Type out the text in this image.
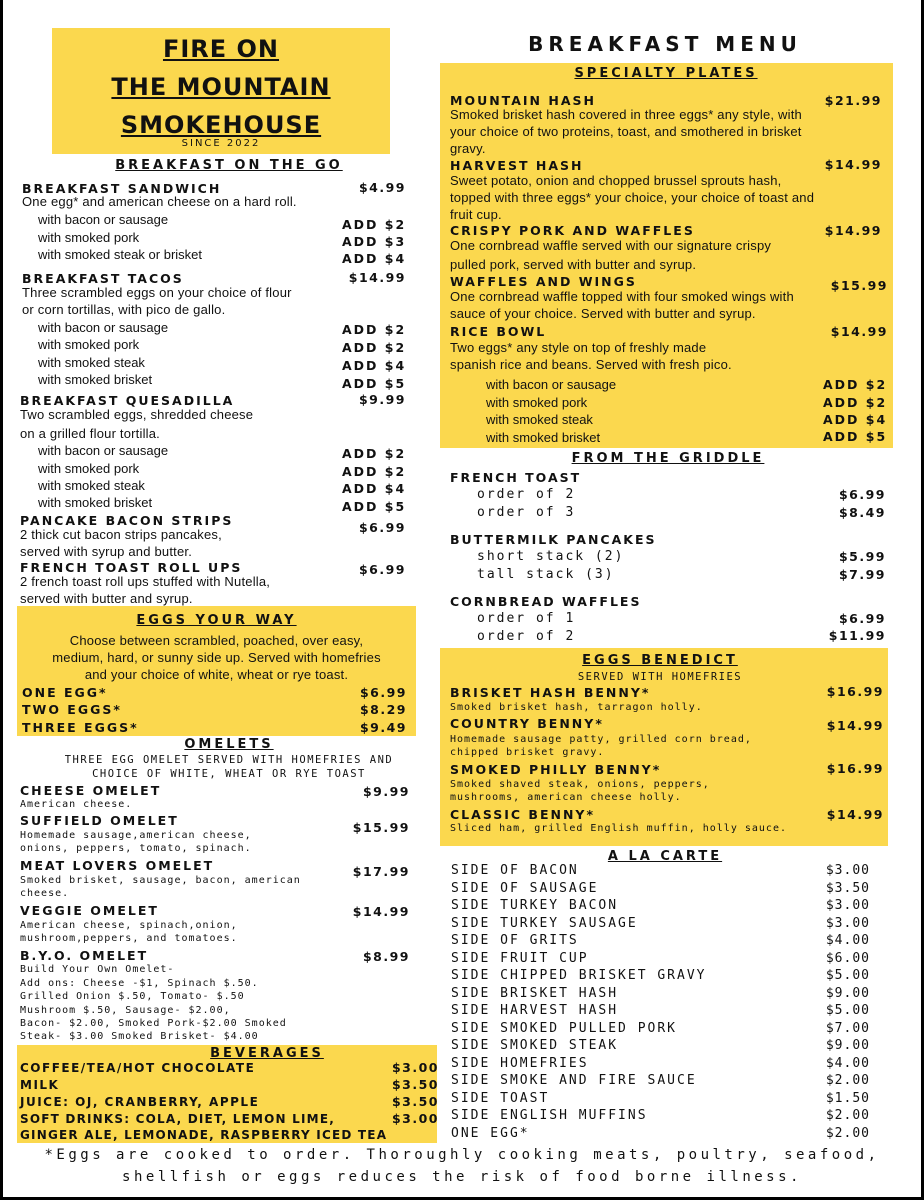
FIRE ON
THE MOUNTAIN
SMOKEHOUSE
SINCE 2022
BREAKFAST MENU
BREAKFAST ON THE GO
BREAKFAST SANDWICH	$4.99
One egg* and american cheese on a hard roll.
with bacon or sausage	ADD $2
with smoked pork	ADD $3
with smoked steak or brisket	ADD $4
BREAKFAST TACOS	$14.99
Three scrambled eggs on your choice of flour
or corn tortillas, with pico de gallo.
with bacon or sausage	ADD $2
with smoked pork	ADD $2
with smoked steak	ADD $4
with smoked brisket	ADD $5
BREAKFAST QUESADILLA	$9.99
Two scrambled eggs, shredded cheese
on a grilled flour tortilla.
with bacon or sausage	ADD $2
with smoked pork	ADD $2
with smoked steak	ADD $4
with smoked brisket	ADD $5
PANCAKE BACON STRIPS	$6.99
2 thick cut bacon strips pancakes,
served with syrup and butter.
FRENCH TOAST ROLL UPS	$6.99
2 french toast roll ups stuffed with Nutella,
served with butter and syrup.
EGGS YOUR WAY
Choose between scrambled, poached, over easy,
medium, hard, or sunny side up. Served with homefries
and your choice of white, wheat or rye toast.
ONE EGG*	$6.99
TWO EGGS*	$8.29
THREE EGGS*	$9.49
OMELETS
THREE EGG OMELET SERVED WITH HOMEFRIES AND
CHOICE OF WHITE, WHEAT OR RYE TOAST
CHEESE OMELET	$9.99
American cheese.
SUFFIELD OMELET	$15.99
Homemade sausage,american cheese,
onions, peppers, tomato, spinach.
MEAT LOVERS OMELET	$17.99
Smoked brisket, sausage, bacon, american
cheese.
VEGGIE OMELET	$14.99
American cheese, spinach,onion,
mushroom,peppers, and tomatoes.
B.Y.O. OMELET	$8.99
Build Your Own Omelet-
Add ons: Cheese -$1, Spinach $.50.
Grilled Onion $.50, Tomato- $.50
Mushroom $.50, Sausage- $2.00,
Bacon- $2.00, Smoked Pork-$2.00 Smoked
Steak- $3.00 Smoked Brisket- $4.00
BEVERAGES
COFFEE/TEA/HOT CHOCOLATE	$3.00
MILK	$3.50
JUICE: OJ, CRANBERRY, APPLE	$3.50
SOFT DRINKS: COLA, DIET, LEMON LIME,	$3.00
GINGER ALE, LEMONADE, RASPBERRY ICED TEA
SPECIALTY PLATES
MOUNTAIN HASH	$21.99
Smoked brisket hash covered in three eggs* any style, with
your choice of two proteins, toast, and smothered in brisket
gravy.
HARVEST HASH	$14.99
Sweet potato, onion and chopped brussel sprouts hash,
topped with three eggs* your choice, your choice of toast and
fruit cup.
CRISPY PORK AND WAFFLES	$14.99
One cornbread waffle served with our signature crispy
pulled pork, served with butter and syrup.
WAFFLES AND WINGS	$15.99
One cornbread waffle topped with four smoked wings with
sauce of your choice. Served with butter and syrup.
RICE BOWL	$14.99
Two eggs* any style on top of freshly made
spanish rice and beans. Served with fresh pico.
with bacon or sausage	ADD $2
with smoked pork	ADD $2
with smoked steak	ADD $4
with smoked brisket	ADD $5
FROM THE GRIDDLE
FRENCH TOAST
order of 2	$6.99
order of 3	$8.49
BUTTERMILK PANCAKES
short stack (2)	$5.99
tall stack (3)	$7.99
CORNBREAD WAFFLES
order of 1	$6.99
order of 2	$11.99
EGGS BENEDICT
SERVED WITH HOMEFRIES
BRISKET HASH BENNY*	$16.99
Smoked brisket hash, tarragon holly.
COUNTRY BENNY*	$14.99
Homemade sausage patty, grilled corn bread,
chipped brisket gravy.
SMOKED PHILLY BENNY*	$16.99
Smoked shaved steak, onions, peppers,
mushrooms, american cheese holly.
CLASSIC BENNY*	$14.99
Sliced ham, grilled English muffin, holly sauce.
A LA CARTE
SIDE OF BACON	$3.00
SIDE OF SAUSAGE	$3.50
SIDE TURKEY BACON	$3.00
SIDE TURKEY SAUSAGE	$3.00
SIDE OF GRITS	$4.00
SIDE FRUIT CUP	$6.00
SIDE CHIPPED BRISKET GRAVY	$5.00
SIDE BRISKET HASH	$9.00
SIDE HARVEST HASH	$5.00
SIDE SMOKED PULLED PORK	$7.00
SIDE SMOKED STEAK	$9.00
SIDE HOMEFRIES	$4.00
SIDE SMOKE AND FIRE SAUCE	$2.00
SIDE TOAST	$1.50
SIDE ENGLISH MUFFINS	$2.00
ONE EGG*	$2.00
*Eggs are cooked to order. Thoroughly cooking meats, poultry, seafood,
shellfish or eggs reduces the risk of food borne illness.
